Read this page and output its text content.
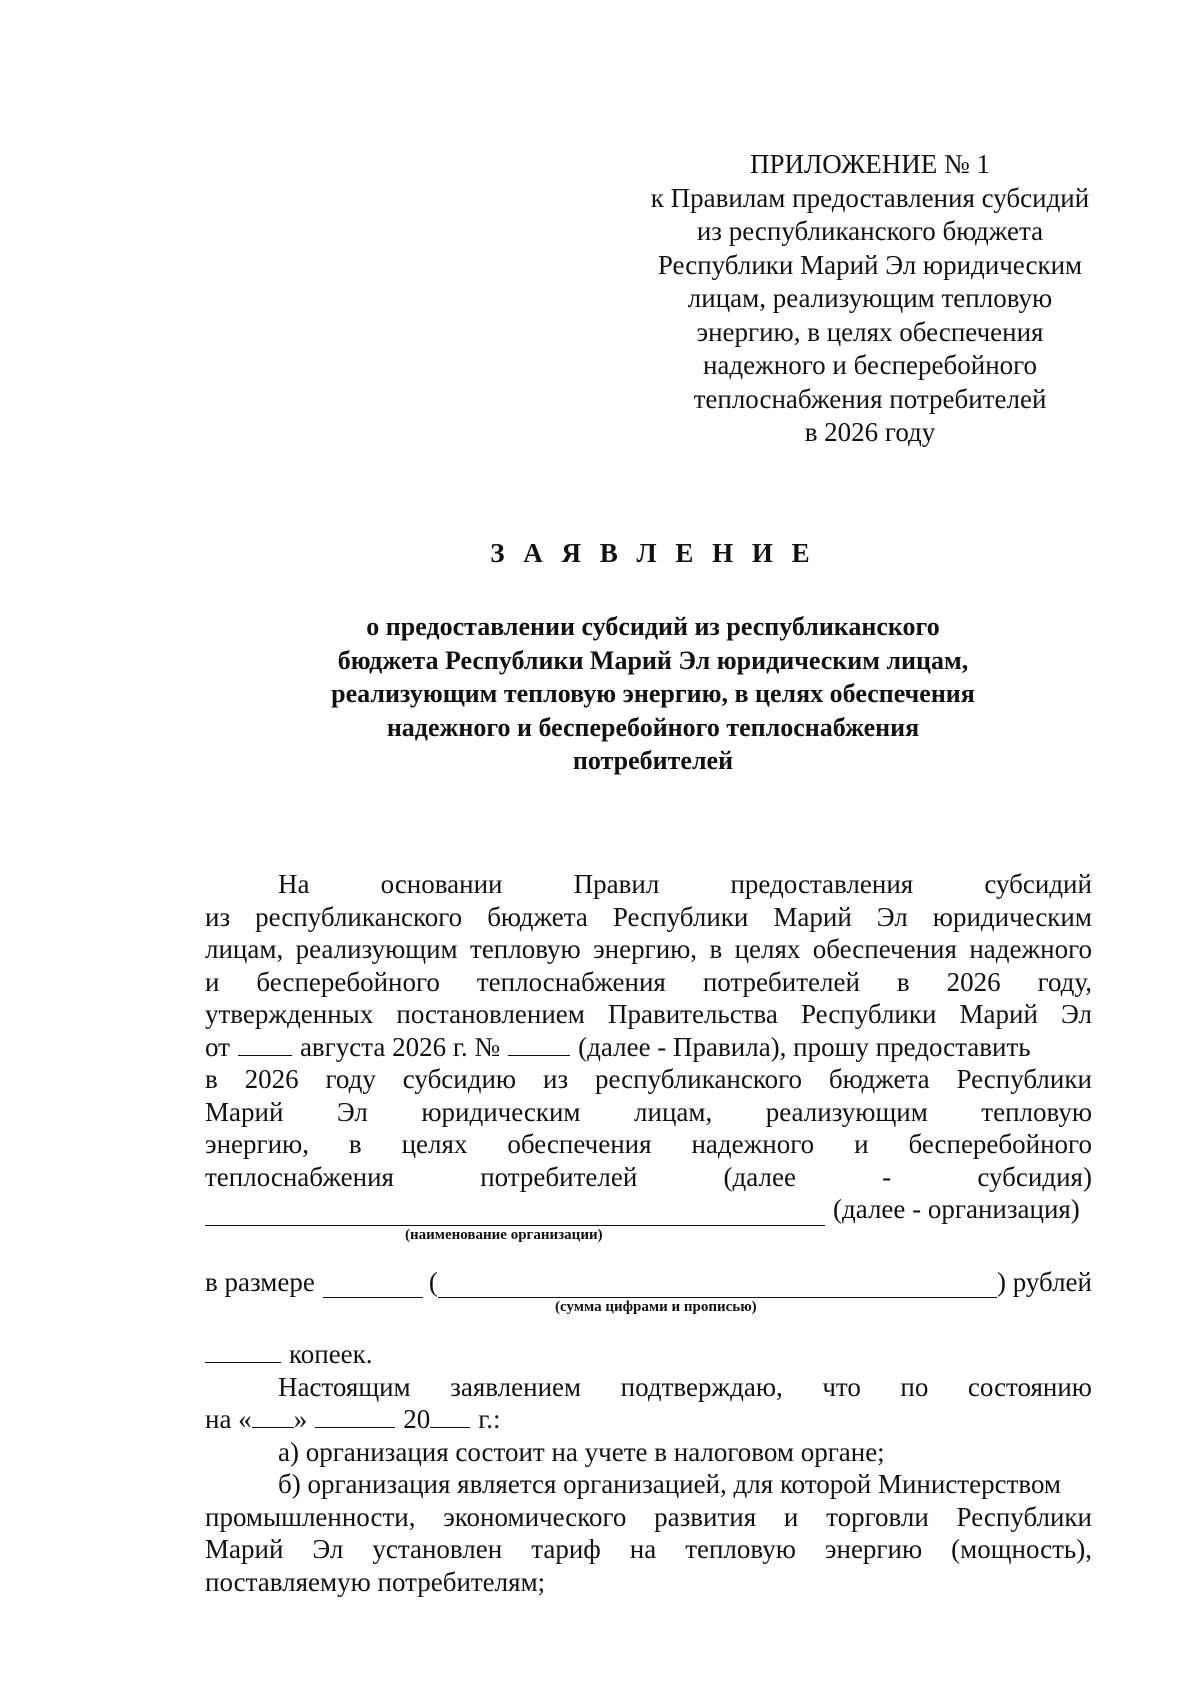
ПРИЛОЖЕНИЕ № 1
к Правилам предоставления субсидий
из республиканского бюджета
Республики Марий Эл юридическим
лицам, реализующим тепловую
энергию, в целях обеспечения
надежного и бесперебойного
теплоснабжения потребителей
в 2026 году
З А Я В Л Е Н И Е
о предоставлении субсидий из республиканского
бюджета Республики Марий Эл юридическим лицам,
реализующим тепловую энергию, в целях обеспечения
надежного и бесперебойного теплоснабжения
потребителей
На	основании	Правил	предоставления	субсидий
из республиканского бюджета Республики Марий Эл юридическим
лицам, реализующим тепловую энергию, в целях обеспечения надежного
и бесперебойного теплоснабжения потребителей в 2026 году,
утвержденных постановлением Правительства Республики Марий Эл
от	августа 2026 г. №	(далее - Правила), прошу предоставить
в 2026 году субсидию из республиканского бюджета Республики
Марий Эл юридическим лицам, реализующим тепловую
энергию, в целях обеспечения надежного и бесперебойного
теплоснабжения	потребителей	(далее	-	субсидия)
(далее - организация)
(наименование организации)
в размере	(	) рублей
(сумма цифрами и прописью)
копеек.
Настоящим заявлением подтверждаю, что по состоянию
на « »	20 г.:
а) организация состоит на учете в налоговом органе;
б) организация является организацией, для которой Министерством
промышленности, экономического развития и торговли Республики
Марий Эл установлен тариф на тепловую энергию (мощность),
поставляемую потребителям;
